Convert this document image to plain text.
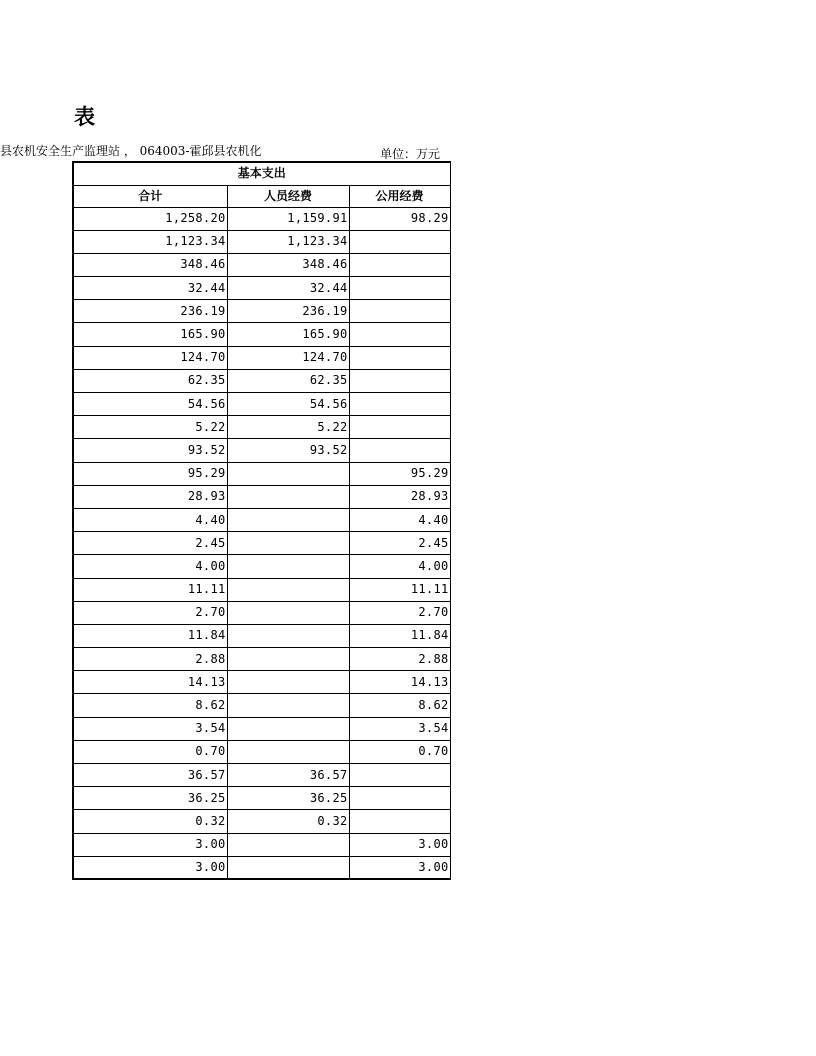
表
县农机安全生产监理站 ， 064003-霍邱县农机化	单位：万元
基本支出		
合计	人员经费	公用经费
1,258.20	1,159.91	98.29
1,123.34	1,123.34	
348.46	348.46	
32.44	32.44	
236.19	236.19	
165.90	165.90	
124.70	124.70	
62.35	62.35	
54.56	54.56	
5.22	5.22	
93.52	93.52	
95.29		95.29
28.93		28.93
4.40		4.40
2.45		2.45
4.00		4.00
11.11		11.11
2.70		2.70
11.84		11.84
2.88		2.88
14.13		14.13
8.62		8.62
3.54		3.54
0.70		0.70
36.57	36.57	
36.25	36.25	
0.32	0.32	
3.00		3.00
3.00		3.00
